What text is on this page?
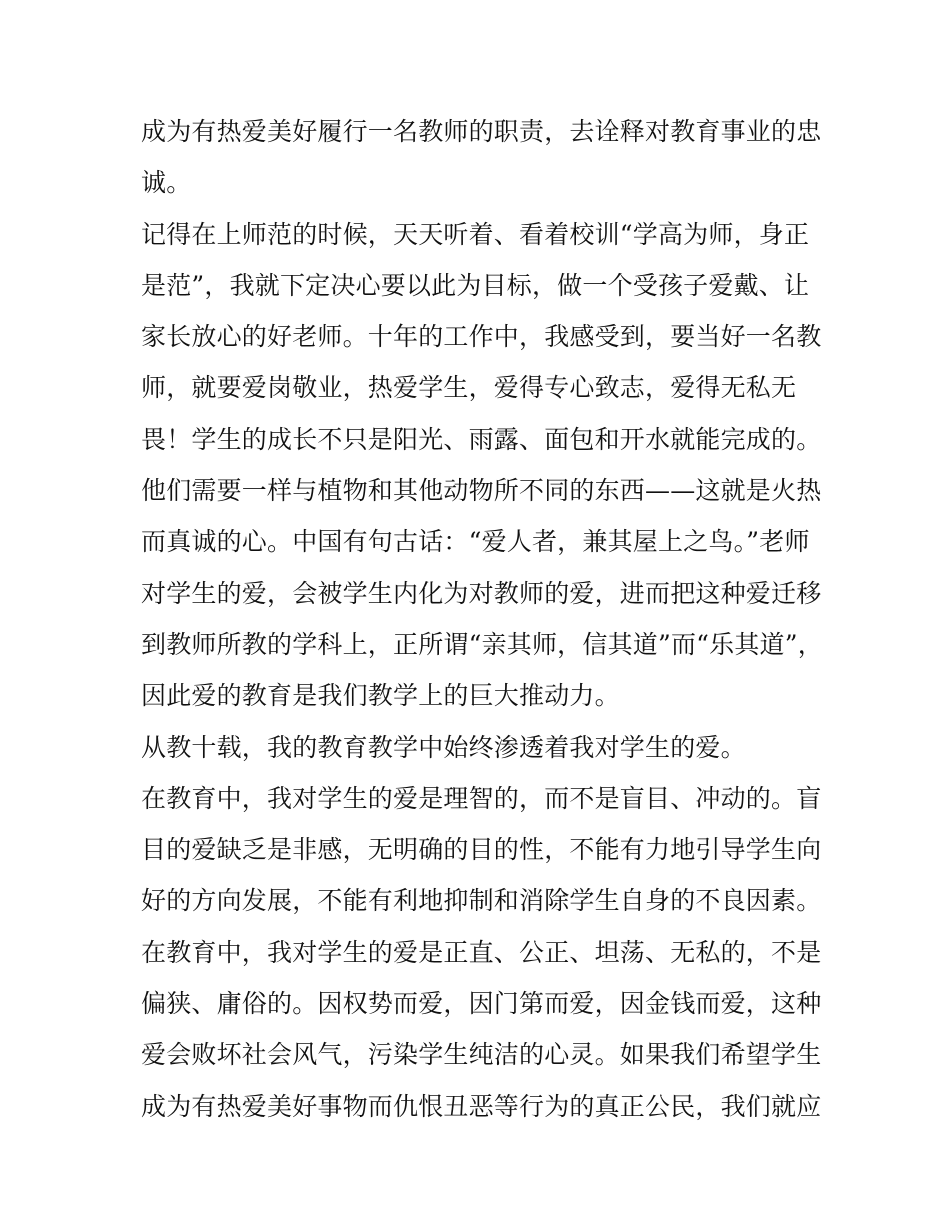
成为有热爱美好履行一名教师的职责，去诠释对教育事业的忠
诚。
记得在上师范的时候，天天听着、看着校训“学高为师，身正
是范”，我就下定决心要以此为目标，做一个受孩子爱戴、让
家长放心的好老师。十年的工作中，我感受到，要当好一名教
师，就要爱岗敬业，热爱学生，爱得专心致志，爱得无私无
畏！学生的成长不只是阳光、雨露、面包和开水就能完成的。
他们需要一样与植物和其他动物所不同的东西——这就是火热
而真诚的心。中国有句古话：“爱人者，兼其屋上之鸟。”老师
对学生的爱，会被学生内化为对教师的爱，进而把这种爱迁移
到教师所教的学科上，正所谓“亲其师，信其道”而“乐其道”，
因此爱的教育是我们教学上的巨大推动力。
从教十载，我的教育教学中始终渗透着我对学生的爱。
在教育中，我对学生的爱是理智的，而不是盲目、冲动的。盲
目的爱缺乏是非感，无明确的目的性，不能有力地引导学生向
好的方向发展，不能有利地抑制和消除学生自身的不良因素。
在教育中，我对学生的爱是正直、公正、坦荡、无私的，不是
偏狭、庸俗的。因权势而爱，因门第而爱，因金钱而爱，这种
爱会败坏社会风气，污染学生纯洁的心灵。如果我们希望学生
成为有热爱美好事物而仇恨丑恶等行为的真正公民，我们就应
